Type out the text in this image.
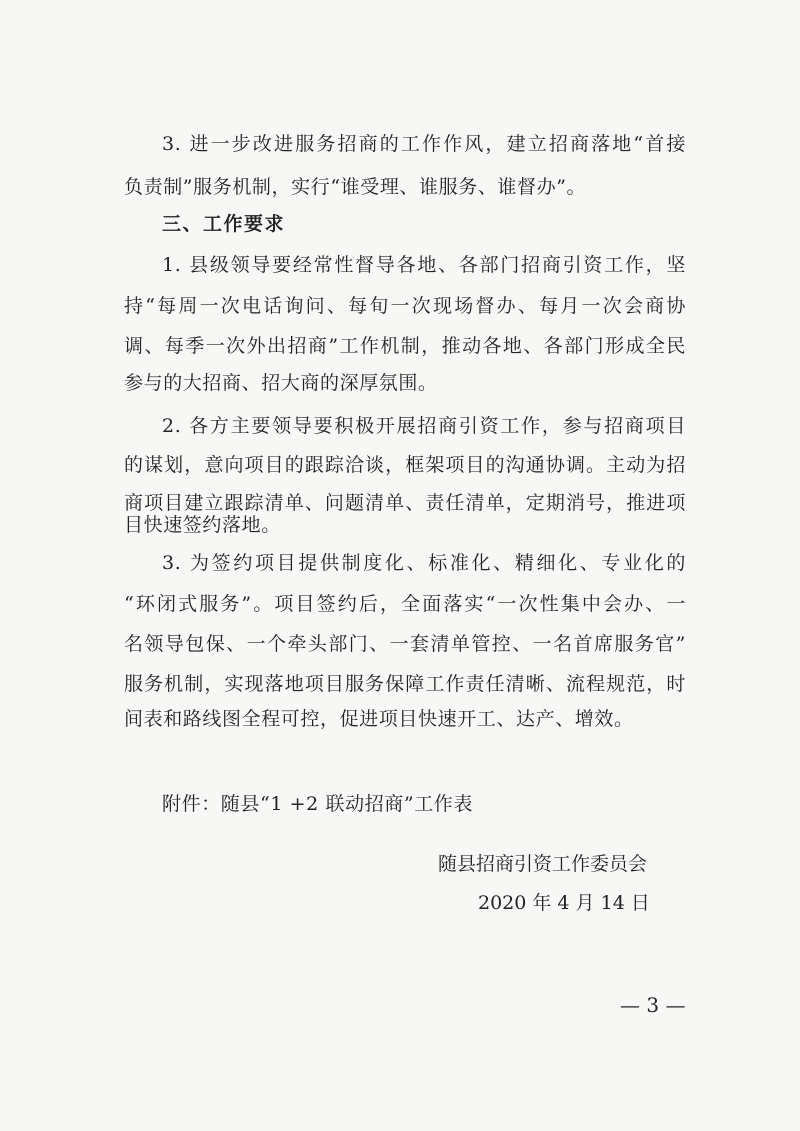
3. 进一步改进服务招商的工作作风，建立招商落地“首接
负责制”服务机制，实行“谁受理、谁服务、谁督办”。
三、工作要求
1. 县级领导要经常性督导各地、各部门招商引资工作，坚
持“每周一次电话询问、每旬一次现场督办、每月一次会商协
调、每季一次外出招商”工作机制，推动各地、各部门形成全民
参与的大招商、招大商的深厚氛围。
2. 各方主要领导要积极开展招商引资工作，参与招商项目
的谋划，意向项目的跟踪洽谈，框架项目的沟通协调。主动为招
商项目建立跟踪清单、问题清单、责任清单，定期消号，推进项
目快速签约落地。
3. 为签约项目提供制度化、标准化、精细化、专业化的
“环闭式服务”。项目签约后，全面落实“一次性集中会办、一
名领导包保、一个牵头部门、一套清单管控、一名首席服务官”
服务机制，实现落地项目服务保障工作责任清晰、流程规范，时
间表和路线图全程可控，促进项目快速开工、达产、增效。
附件：随县“1 +2 联动招商”工作表
随县招商引资工作委员会
2020 年 4 月 14 日
— 3 —
